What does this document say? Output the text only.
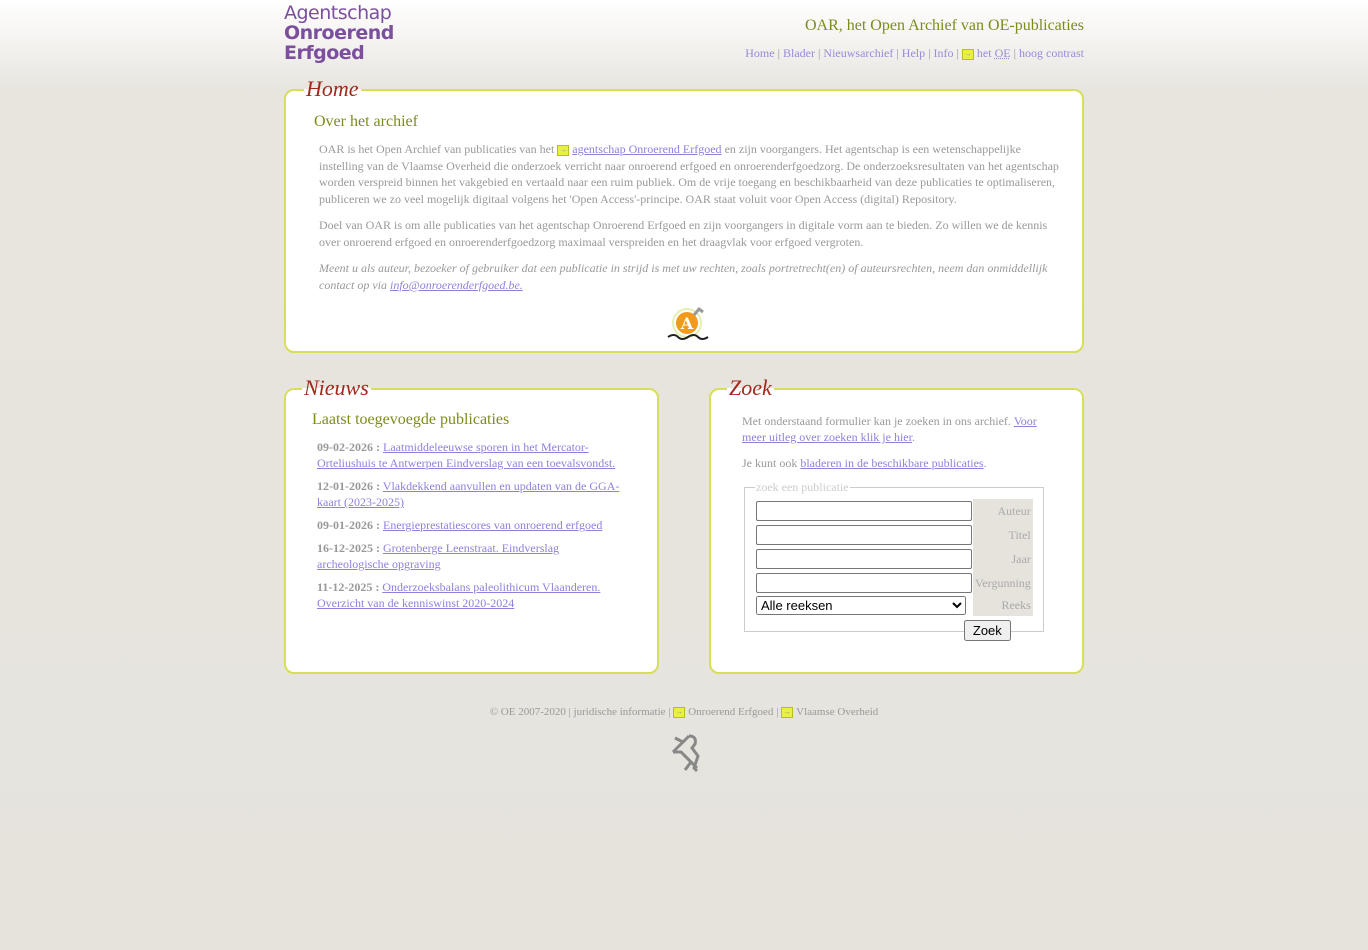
Agentschap
Onroerend
Erfgoed
OAR, het Open Archief van OE-publicaties
Home | Blader | Nieuwsarchief | Help | Info | → het OE | hoog contrast
Home
Over het archief

OAR is het Open Archief van publicaties van het → agentschap Onroerend Erfgoed en zijn voorgangers. Het agentschap is een wetenschappelijke instelling van de Vlaamse Overheid die onderzoek verricht naar onroerend erfgoed en onroerenderfgoedzorg. De onderzoeksresultaten van het agentschap worden verspreid binnen het vakgebied en vertaald naar een ruim publiek. Om de vrije toegang en beschikbaarheid van deze publicaties te optimaliseren, publiceren we zo veel mogelijk digitaal volgens het 'Open Access'-principe. OAR staat voluit voor Open Access (digital) Repository.

Doel van OAR is om alle publicaties van het agentschap Onroerend Erfgoed en zijn voorgangers in digitale vorm aan te bieden. Zo willen we de kennis over onroerend erfgoed en onroerenderfgoedzorg maximaal verspreiden en het draagvlak voor erfgoed vergroten.

Meent u als auteur, bezoeker of gebruiker dat een publicatie in strijd is met uw rechten, zoals portretrecht(en) of auteursrechten, neem dan onmiddellijk contact op via info@onroerenderfgoed.be.

A
Nieuws
Laatst toegevoegde publicaties
09-02-2026 : Laatmiddeleeuwse sporen in het Mercator-Orteliushuis te Antwerpen Eindverslag van een toevalsvondst.
12-01-2026 : Vlakdekkend aanvullen en updaten van de GGA-kaart (2023-2025)
09-01-2026 : Energieprestatiescores van onroerend erfgoed
16-12-2025 : Grotenberge Leenstraat. Eindverslag archeologische opgraving
11-12-2025 : Onderzoeksbalans paleolithicum Vlaanderen. Overzicht van de kenniswinst 2020-2024
Zoek

Met onderstaand formulier kan je zoeken in ons archief. Voor meer uitleg over zoeken klik je hier.

Je kunt ook bladeren in de beschikbare publicaties.

zoek een publicatie
	Auteur
	Titel
	Jaar
	Vergunning

Alle reeksen	Reeks
Zoek	
© OE 2007-2020 | juridische informatie | → Onroerend Erfgoed | → Vlaamse Overheid
